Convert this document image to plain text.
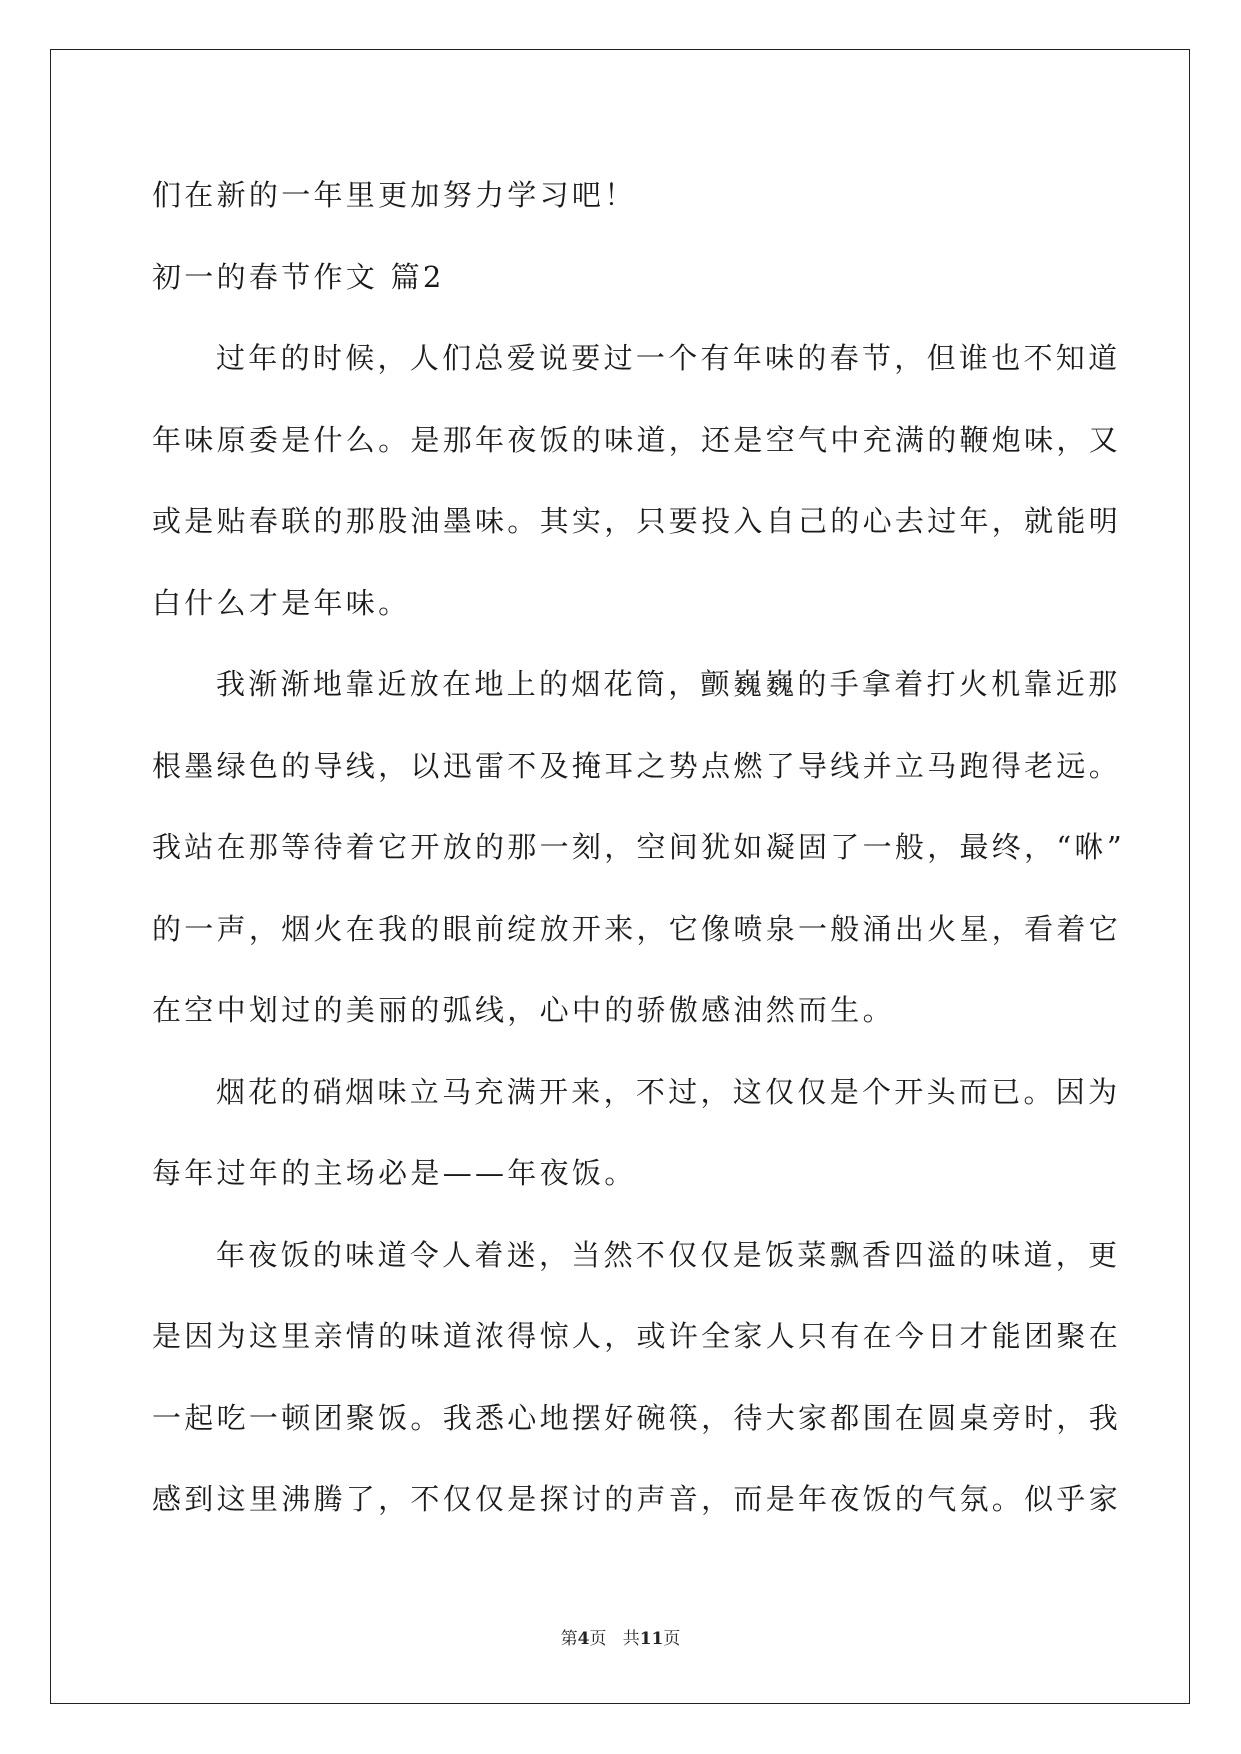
们在新的一年里更加努力学习吧！
初一的春节作文 篇2
过年的时候，人们总爱说要过一个有年味的春节，但谁也不知道
年味原委是什么。是那年夜饭的味道，还是空气中充满的鞭炮味，又
或是贴春联的那股油墨味。其实，只要投入自己的心去过年，就能明
白什么才是年味。
我渐渐地靠近放在地上的烟花筒，颤巍巍的手拿着打火机靠近那
根墨绿色的导线，以迅雷不及掩耳之势点燃了导线并立马跑得老远。
我站在那等待着它开放的那一刻，空间犹如凝固了一般，最终，“咻”
的一声，烟火在我的眼前绽放开来，它像喷泉一般涌出火星，看着它
在空中划过的美丽的弧线，心中的骄傲感油然而生。
烟花的硝烟味立马充满开来，不过，这仅仅是个开头而已。因为
每年过年的主场必是——年夜饭。
年夜饭的味道令人着迷，当然不仅仅是饭菜飘香四溢的味道，更
是因为这里亲情的味道浓得惊人，或许全家人只有在今日才能团聚在
一起吃一顿团聚饭。我悉心地摆好碗筷，待大家都围在圆桌旁时，我
感到这里沸腾了，不仅仅是探讨的声音，而是年夜饭的气氛。似乎家
第4页 共11页
